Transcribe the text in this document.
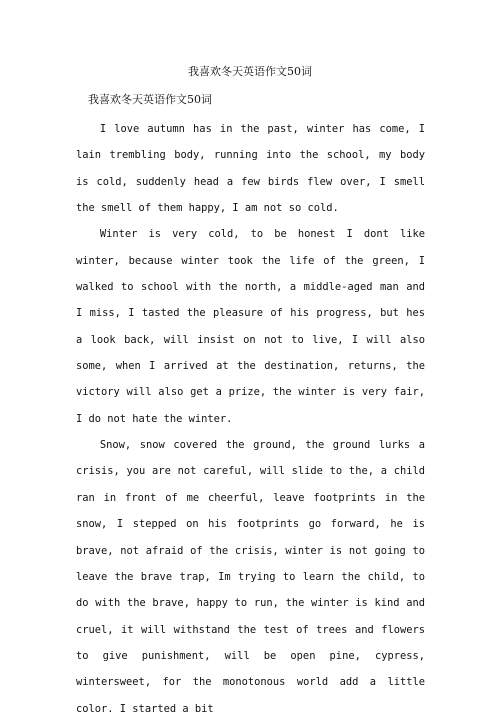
我喜欢冬天英语作文50词
我喜欢冬天英语作文50词

I love autumn has in the past, winter has come, I lain trembling body, running into the school, my body is cold, suddenly head a few birds flew over, I smell the smell of them happy, I am not so cold.

Winter is very cold, to be honest I dont like winter, because winter took the life of the green, I walked to school with the north, a middle-aged man and I miss, I tasted the pleasure of his progress, but hes a look back, will insist on not to live, I will also some, when I arrived at the destination, returns, the victory will also get a prize, the winter is very fair, I do not hate the winter.

Snow, snow covered the ground, the ground lurks a crisis, you are not careful, will slide to the, a child ran in front of me cheerful, leave footprints in the snow, I stepped on his footprints go forward, he is brave, not afraid of the crisis, winter is not going to leave the brave trap, Im trying to learn the child, to do with the brave, happy to run, the winter is kind and cruel, it will withstand the test of trees and flowers to give punishment, will be open pine, cypress, wintersweet, for the monotonous world add a little color. I started a bit
